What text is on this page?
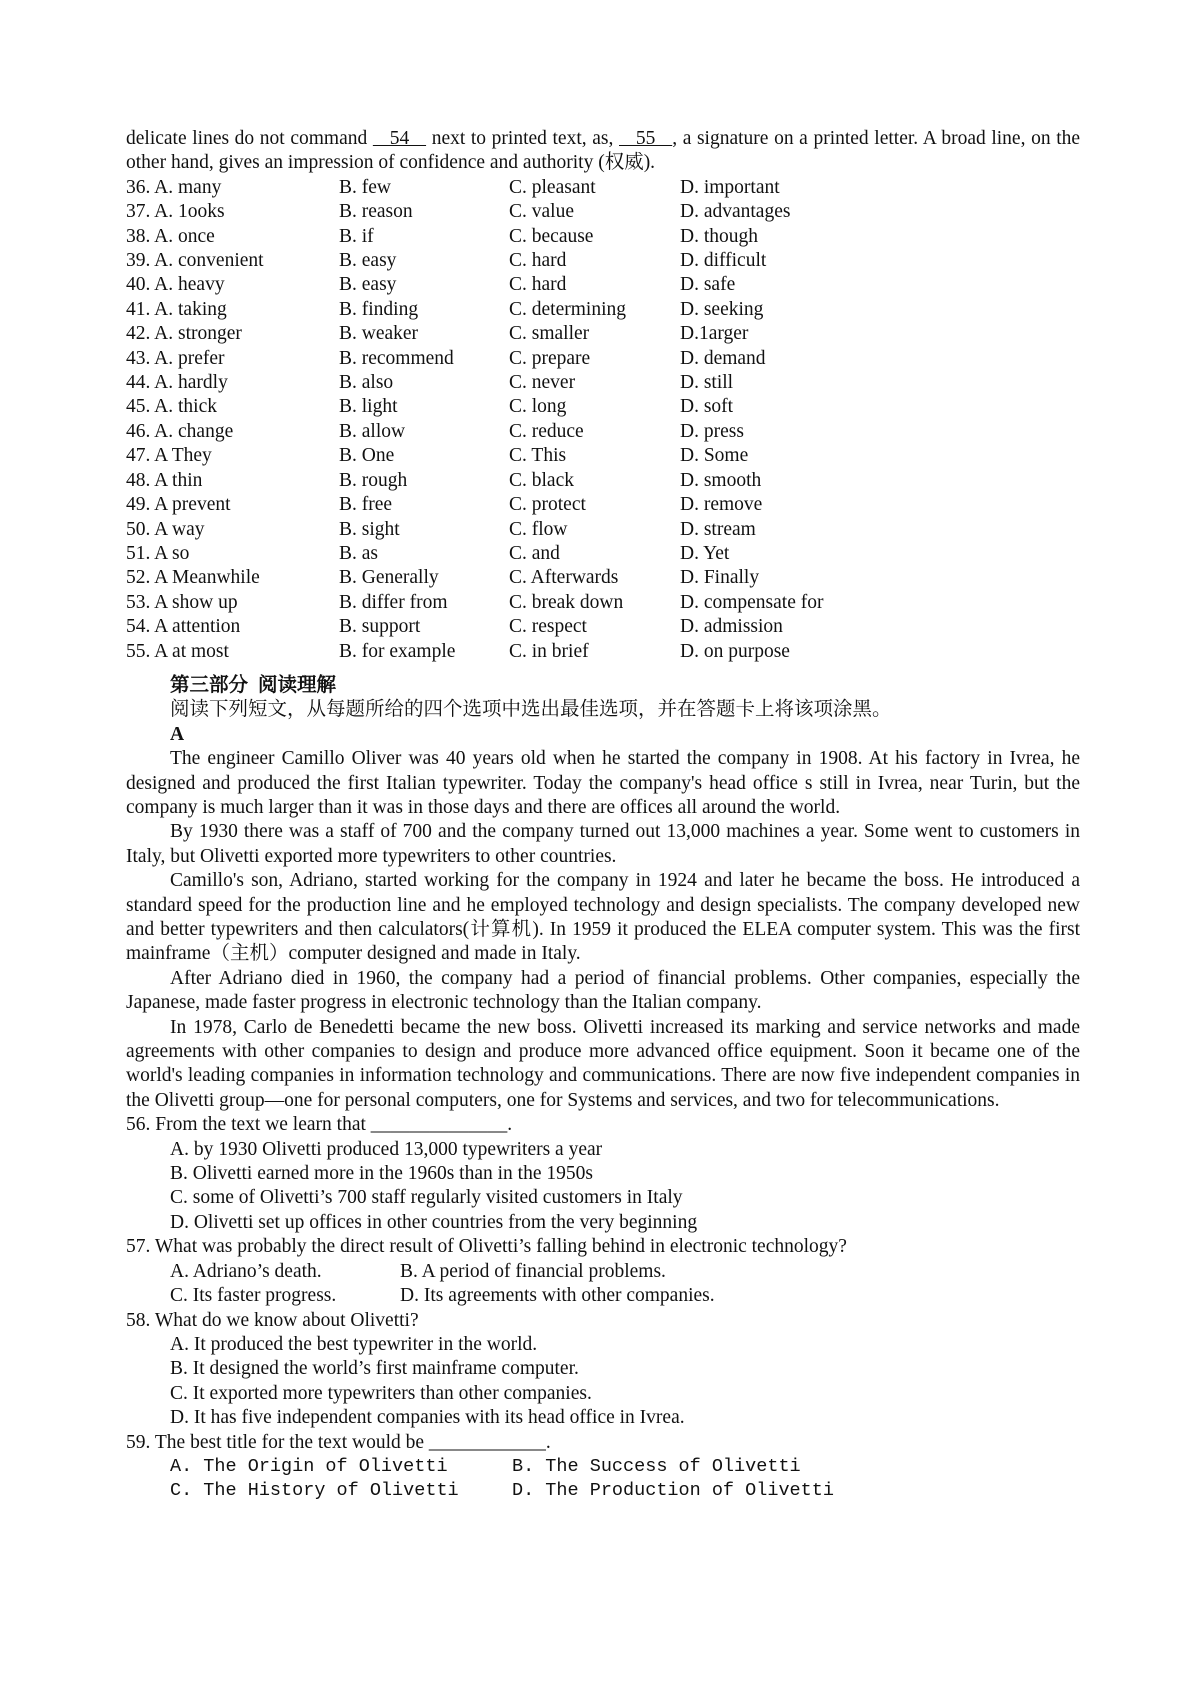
delicate lines do not command    54    next to printed text, as,    55   , a signature on a printed letter. A broad line, on the other hand, gives an impression of confidence and authority (权威).

36. A. many	B. few	C. pleasant	D. important
37. A. 1ooks	B. reason	C. value	D. advantages
38. A. once	B. if	C. because	D. though
39. A. convenient	B. easy	C. hard	D. difficult
40. A. heavy	B. easy	C. hard	D. safe
41. A. taking	B. finding	C. determining	D. seeking
42. A. stronger	B. weaker	C. smaller	D.1arger
43. A. prefer	B. recommend	C. prepare	D. demand
44. A. hardly	B. also	C. never	D. still
45. A. thick	B. light	C. long	D. soft
46. A. change	B. allow	C. reduce	D. press
47. A They	B. One	C. This	D. Some
48. A thin	B. rough	C. black	D. smooth
49. A prevent	B. free	C. protect	D. remove
50. A way	B. sight	C. flow	D. stream
51. A so	B. as	C. and	D. Yet
52. A Meanwhile	B. Generally	C. Afterwards	D. Finally
53. A show up	B. differ from	C. break down	D. compensate for
54. A attention	B. support	C. respect	D. admission
55. A at most	B. for example	C. in brief	D. on purpose
第三部分 阅读理解
阅读下列短文，从每题所给的四个选项中选出最佳选项，并在答题卡上将该项涂黑。
A

The engineer Camillo Oliver was 40 years old when he started the company in 1908. At his factory in Ivrea, he designed and produced the first Italian typewriter. Today the company's head office s still in Ivrea, near Turin, but the company is much larger than it was in those days and there are offices all around the world.

By 1930 there was a staff of 700 and the company turned out 13,000 machines a year. Some went to customers in Italy, but Olivetti exported more typewriters to other countries.

Camillo's son, Adriano, started working for the company in 1924 and later he became the boss. He introduced a standard speed for the production line and he employed technology and design specialists. The company developed new and better typewriters and then calculators(计算机). In 1959 it produced the ELEA computer system. This was the first mainframe（主机）computer designed and made in Italy.

After Adriano died in 1960, the company had a period of financial problems. Other companies, especially the Japanese, made faster progress in electronic technology than the Italian company.

In 1978, Carlo de Benedetti became the new boss. Olivetti increased its marking and service networks and made agreements with other companies to design and produce more advanced office equipment. Soon it became one of the world's leading companies in information technology and communications. There are now five independent companies in the Olivetti group—one for personal computers, one for Systems and services, and two for telecommunications.

56. From the text we learn that ______________.

A. by 1930 Olivetti produced 13,000 typewriters a year
B. Olivetti earned more in the 1960s than in the 1950s
C. some of Olivetti’s 700 staff regularly visited customers in Italy
D. Olivetti set up offices in other countries from the very beginning

57. What was probably the direct result of Olivetti’s falling behind in electronic technology?

A. Adriano’s death.	B. A period of financial problems.
C. Its faster progress.	D. Its agreements with other companies.

58. What do we know about Olivetti?

A. It produced the best typewriter in the world.
B. It designed the world’s first mainframe computer.
C. It exported more typewriters than other companies.
D. It has five independent companies with its head office in Ivrea.

59. The best title for the text would be ____________.

A. The Origin of Olivetti	B. The Success of Olivetti
C. The History of Olivetti	D. The Production of Olivetti
